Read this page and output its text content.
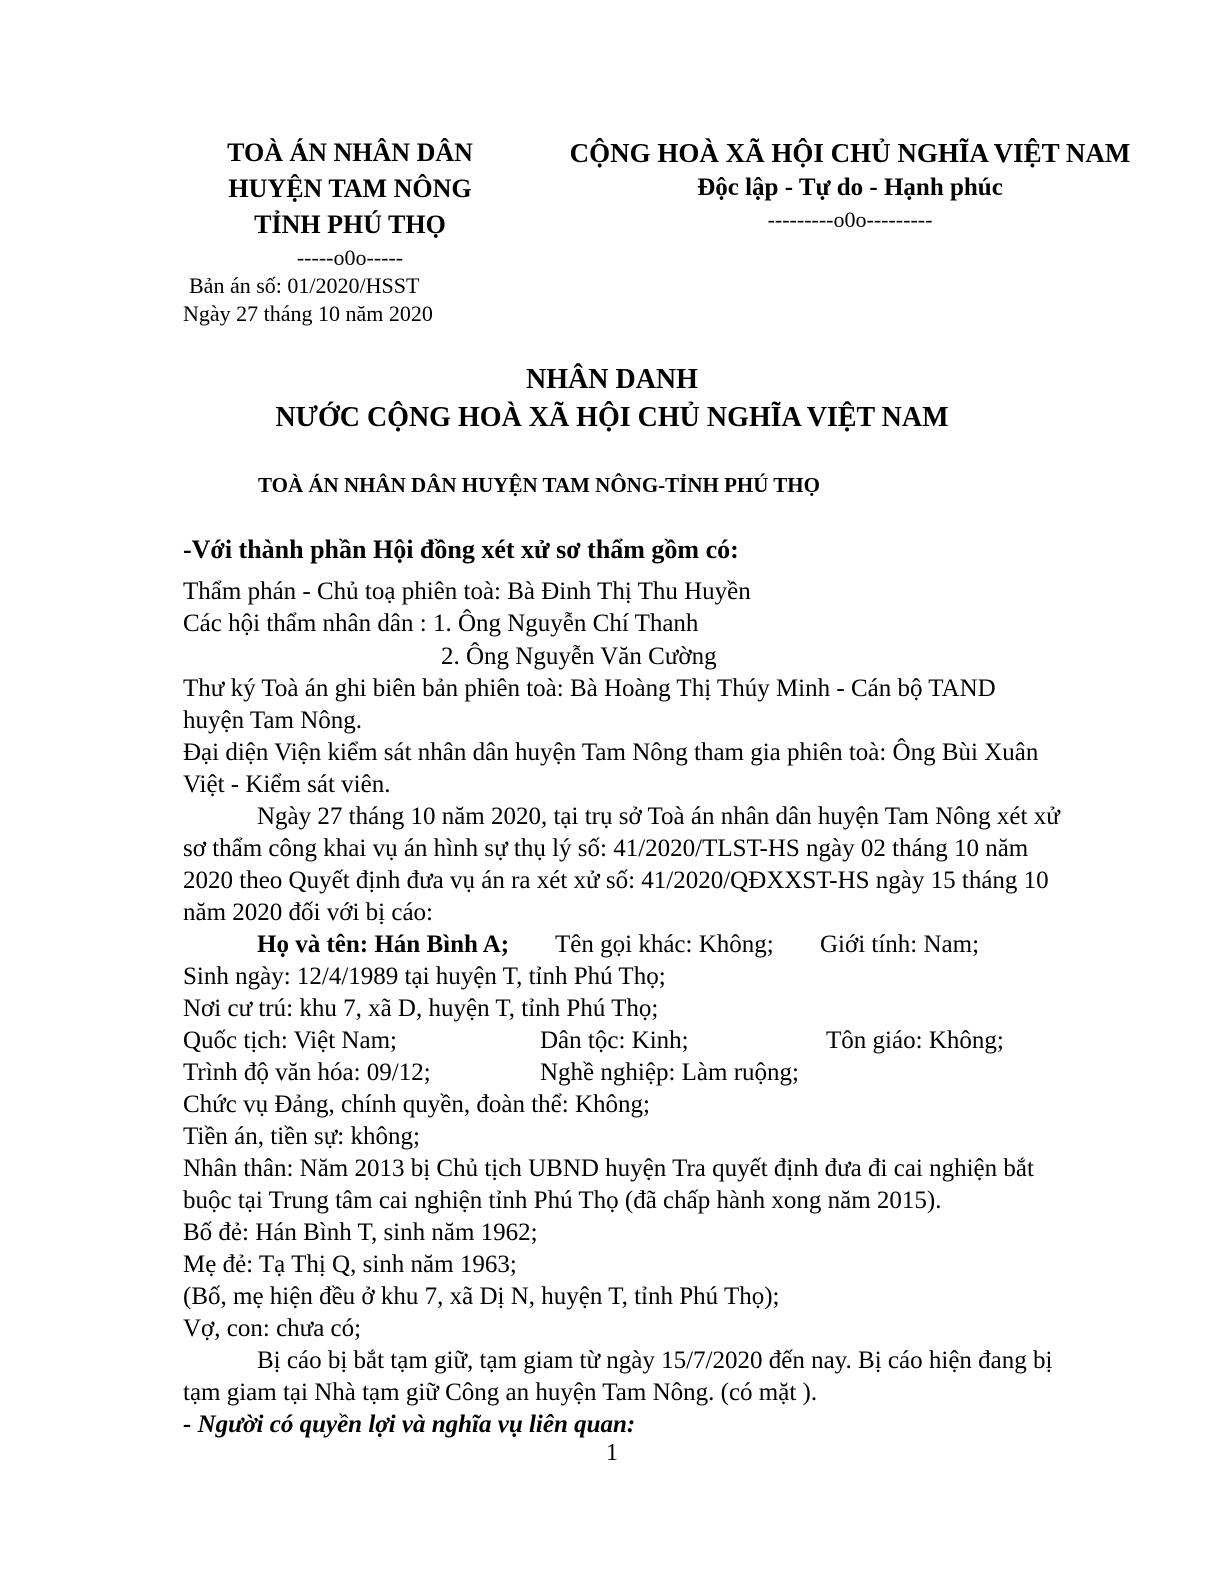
TOÀ ÁN NHÂN DÂN
HUYỆN TAM NÔNG
TỈNH PHÚ THỌ
-----o0o-----
Bản án số: 01/2020/HSST
Ngày 27 tháng 10 năm 2020
CỘNG HOÀ XÃ HỘI CHỦ NGHĨA VIỆT NAM
Độc lập - Tự do - Hạnh phúc
---------o0o---------
NHÂN DANH
NƯỚC CỘNG HOÀ XÃ HỘI CHỦ NGHĨA VIỆT NAM
TOÀ ÁN NHÂN DÂN HUYỆN TAM NÔNG-TỈNH PHÚ THỌ
-Với thành phần Hội đồng xét xử sơ thẩm gồm có:
Thẩm phán - Chủ toạ phiên toà: Bà Đinh Thị Thu Huyền
Các hội thẩm nhân dân : 1. Ông Nguyễn Chí Thanh
2. Ông Nguyễn Văn Cường
Thư ký Toà án ghi biên bản phiên toà: Bà Hoàng Thị Thúy Minh - Cán bộ TAND
huyện Tam Nông.
Đại diện Viện kiểm sát nhân dân huyện Tam Nông tham gia phiên toà: Ông Bùi Xuân
Việt - Kiểm sát viên.
Ngày 27 tháng 10 năm 2020, tại trụ sở Toà án nhân dân huyện Tam Nông xét xử
sơ thẩm công khai vụ án hình sự thụ lý số: 41/2020/TLST-HS ngày 02 tháng 10 năm
2020 theo Quyết định đưa vụ án ra xét xử số: 41/2020/QĐXXST-HS ngày 15 tháng 10
năm 2020 đối với bị cáo:
Họ và tên: Hán Bình A; Tên gọi khác: Không; Giới tính: Nam;
Sinh ngày: 12/4/1989 tại huyện T, tỉnh Phú Thọ;
Nơi cư trú: khu 7, xã D, huyện T, tỉnh Phú Thọ;
Quốc tịch: Việt Nam;	Dân tộc: Kinh;	Tôn giáo: Không;
Trình độ văn hóa: 09/12;	Nghề nghiệp: Làm ruộng;
Chức vụ Đảng, chính quyền, đoàn thể: Không;
Tiền án, tiền sự: không;
Nhân thân: Năm 2013 bị Chủ tịch UBND huyện Tra quyết định đưa đi cai nghiện bắt
buộc tại Trung tâm cai nghiện tỉnh Phú Thọ (đã chấp hành xong năm 2015).
Bố đẻ: Hán Bình T, sinh năm 1962;
Mẹ đẻ: Tạ Thị Q, sinh năm 1963;
(Bố, mẹ hiện đều ở khu 7, xã Dị N, huyện T, tỉnh Phú Thọ);
Vợ, con: chưa có;
Bị cáo bị bắt tạm giữ, tạm giam từ ngày 15/7/2020 đến nay. Bị cáo hiện đang bị
tạm giam tại Nhà tạm giữ Công an huyện Tam Nông. (có mặt ).
- Người có quyền lợi và nghĩa vụ liên quan:
1
